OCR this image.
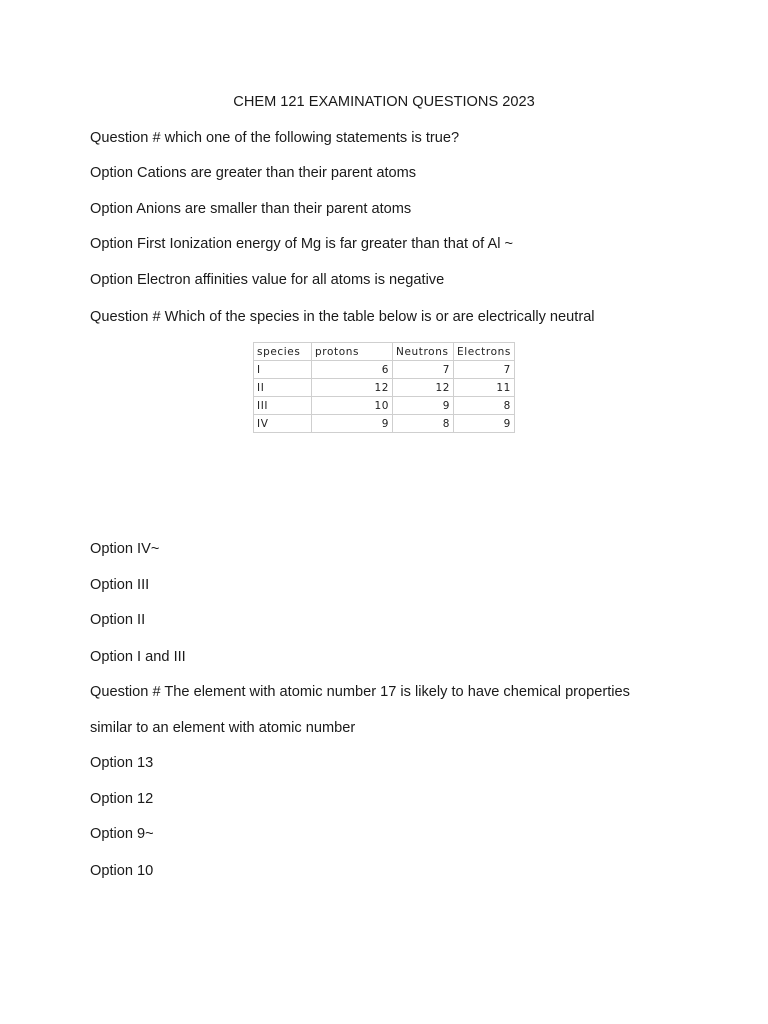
CHEM 121 EXAMINATION QUESTIONS 2023

Question # which one of the following statements is true?

Option Cations are greater than their parent atoms

Option Anions are smaller than their parent atoms

Option First Ionization energy of Mg is far greater than that of Al ~

Option Electron affinities value for all atoms is negative

Question # Which of the species in the table below is or are electrically neutral

species	protons	Neutrons	Electrons
I	6	7	7
II	12	12	11
III	10	9	8
IV	9	8	9

Option IV~

Option III

Option II

Option I and III

Question # The element with atomic number 17 is likely to have chemical properties

similar to an element with atomic number

Option 13

Option 12

Option 9~

Option 10
